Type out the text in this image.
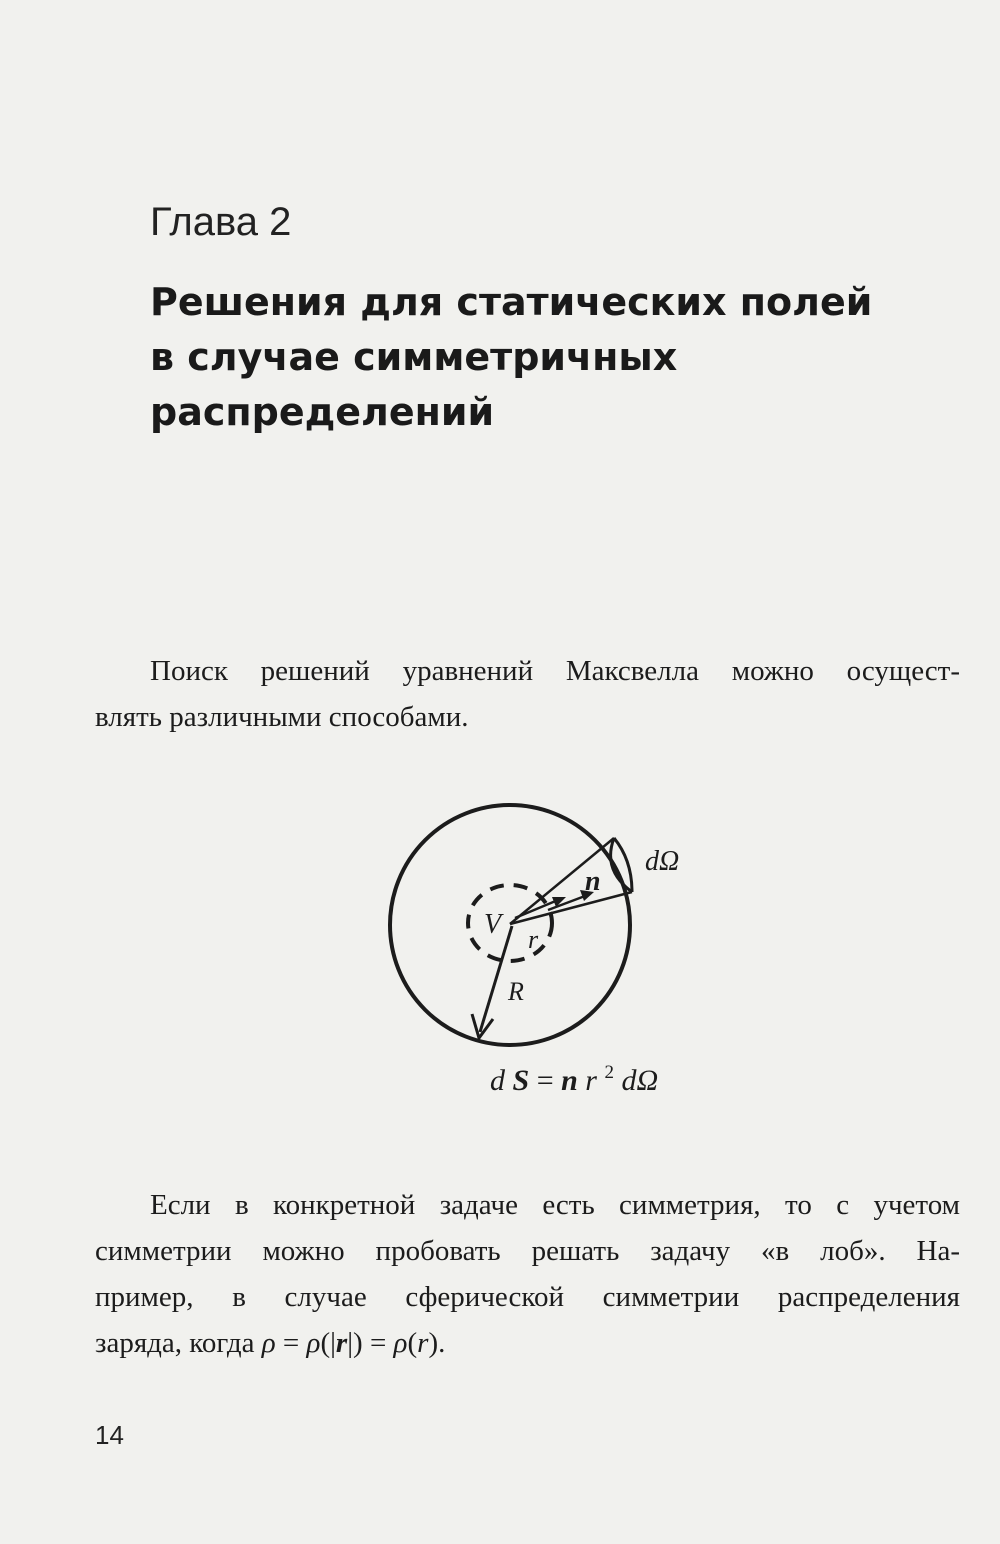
Глава 2
Решения для статических полей
в случае симметричных
распределений

Поиск решений уравнений Максвелла можно осущест-
влять различными способами.

V r
R
n
dΩ
d S = n r $^2$ dΩ

Если в конкретной задаче есть симметрия, то с учетом
симметрии можно пробовать решать задачу «в лоб». На-
пример, в случае сферической симметрии распределения
заряда, когда ρ = ρ(|r|) = ρ(r).

14
